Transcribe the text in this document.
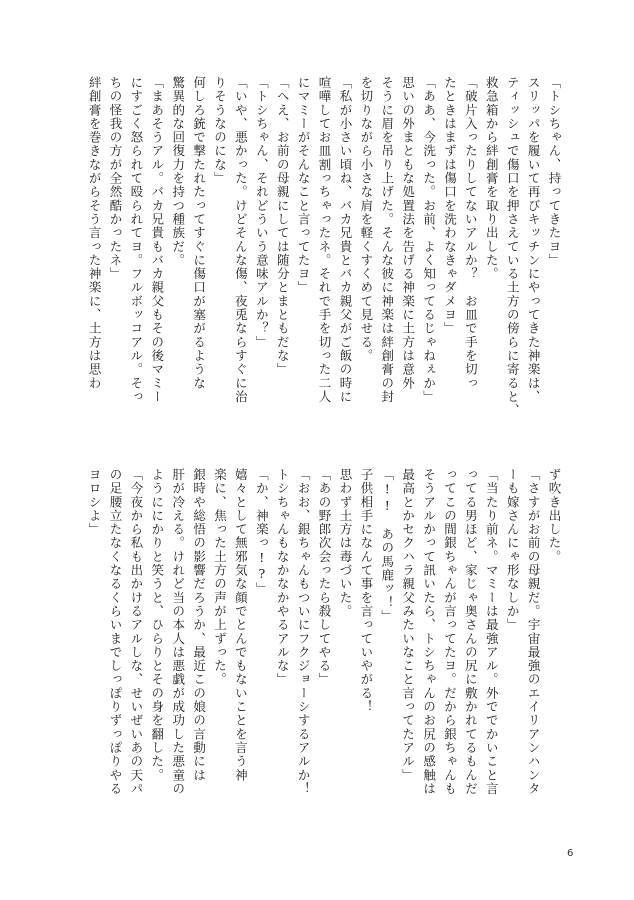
「トシちゃん、持ってきたヨ」
スリッパを履いて再びキッチンにやってきた神楽は、
ティッシュで傷口を押さえている土方の傍らに寄ると、
救急箱から絆創膏を取り出した。
「破片入ったりしてないアルか？　お皿で手を切っ
たときはまずは傷口を洗わなきゃダメヨ」
「ああ、今洗った。お前、よく知ってるじゃねぇか」
思いの外まともな処置法を告げる神楽に土方は意外
そうに眉を吊り上げた。そんな彼に神楽は絆創膏の封
を切りながら小さな肩を軽くすくめて見せる。
「私が小さい頃ね、バカ兄貴とバカ親父がご飯の時に
喧嘩してお皿割っちゃったネ。それで手を切った二人
にマミーがそんなこと言ってたヨ」
「へえ、お前の母親にしては随分とまともだな」
「トシちゃん、それどういう意味アルか？」
「いや、悪かった。けどそんな傷、夜兎ならすぐに治
りそうなのにな」
何しろ銃で撃たれたってすぐに傷口が塞がるような
驚異的な回復力を持つ種族だ。
「まあそうアル。バカ兄貴もバカ親父もその後マミー
にすごく怒られて殴られてヨ。フルボッコアル。そっ
ちの怪我の方が全然酷かったネ」
絆創膏を巻きながらそう言った神楽に、土方は思わ
ず吹き出した。
「さすがお前の母親だ。宇宙最強のエイリアンハンタ
ーも嫁さんにゃ形なしか」
「当たり前ネ。マミーは最強アル。外ででかいこと言
ってる男ほど、家じゃ奥さんの尻に敷かれてるもんだ
ってこの間銀ちゃんが言ってたヨ。だから銀ちゃんも
そうアルかって訊いたら、トシちゃんのお尻の感触は
最高とかセクハラ親父みたいなこと言ってたアル」
「!!　あの馬鹿ッ！」
子供相手になんて事を言っていやがる！
思わず土方は毒づいた。
「あの野郎次会ったら殺してやる」
「おお、銀ちゃんもついにフクジョーシするアルか！
トシちゃんもなかなかやるアルな」
「か、神楽っ!?」
嬉々として無邪気な顔でとんでもないことを言う神
楽に、焦った土方の声が上ずった。
銀時や総悟の影響だろうか、最近この娘の言動には
肝が冷える。けれど当の本人は悪戯が成功した悪童の
ようににかりと笑うと、ひらりとその身を翻した。
「今夜から私も出かけるアルしな、せいぜいあの天パ
の足腰立たなくなるくらいまでしっぽりずっぽりやる
ヨロシよ」
6
